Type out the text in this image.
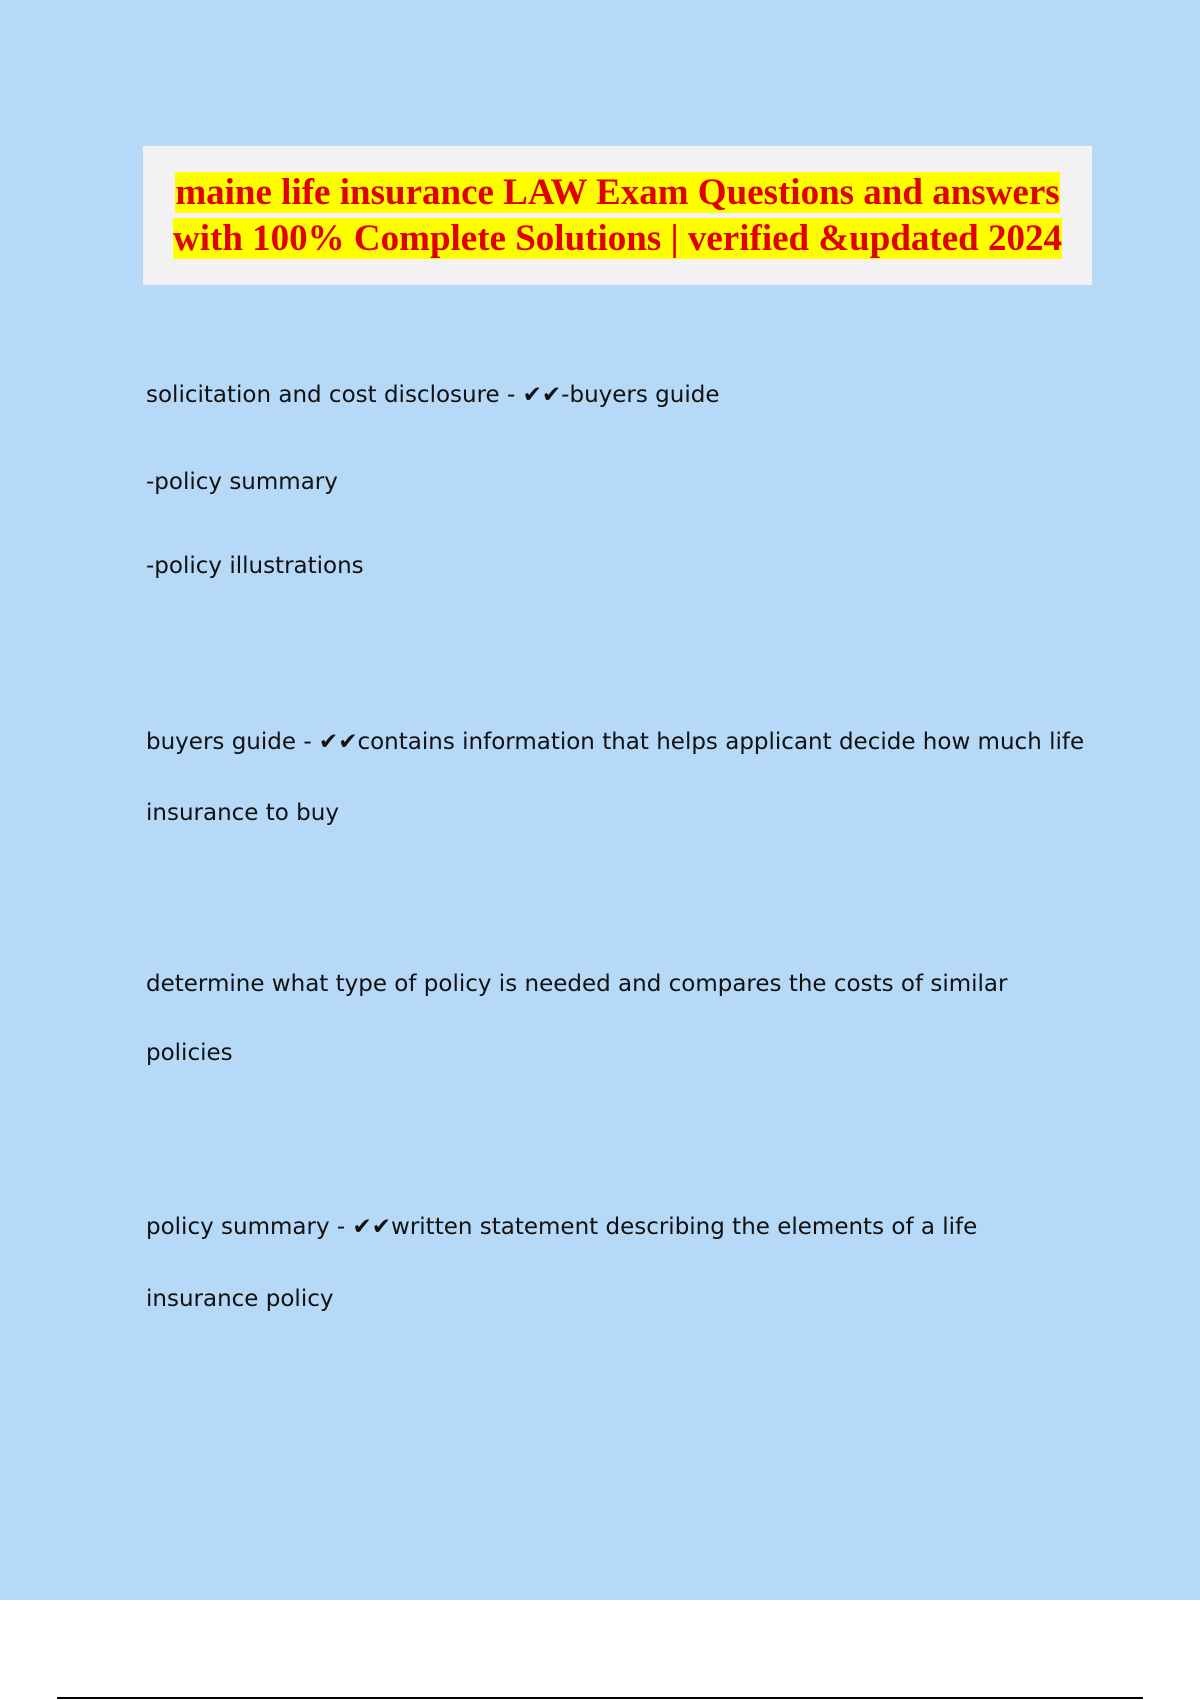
maine life insurance LAW Exam Questions and answers with 100% Complete Solutions | verified &updated 2024
solicitation and cost disclosure - ✔✔-buyers guide
-policy summary
-policy illustrations
buyers guide - ✔✔contains information that helps applicant decide how much life
insurance to buy
determine what type of policy is needed and compares the costs of similar
policies
policy summary - ✔✔written statement describing the elements of a life
insurance policy
